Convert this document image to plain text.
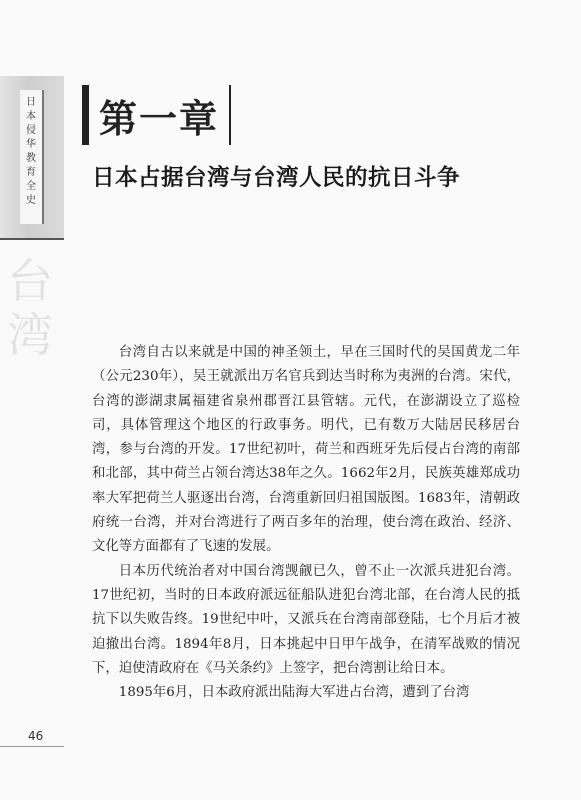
日本侵华教育全史
台湾
46
第一章
日本占据台湾与台湾人民的抗日斗争

台湾自古以来就是中国的神圣领土，早在三国时代的吴国黄龙二年（公元230年），吴王就派出万名官兵到达当时称为夷洲的台湾。宋代，台湾的澎湖隶属福建省泉州郡晋江县管辖。元代，在澎湖设立了巡检司，具体管理这个地区的行政事务。明代，已有数万大陆居民移居台湾，参与台湾的开发。17世纪初叶，荷兰和西班牙先后侵占台湾的南部和北部，其中荷兰占领台湾达38年之久。1662年2月，民族英雄郑成功率大军把荷兰人驱逐出台湾，台湾重新回归祖国版图。1683年，清朝政府统一台湾，并对台湾进行了两百多年的治理，使台湾在政治、经济、文化等方面都有了飞速的发展。

日本历代统治者对中国台湾觊觎已久，曾不止一次派兵进犯台湾。17世纪初，当时的日本政府派远征船队进犯台湾北部，在台湾人民的抵抗下以失败告终。19世纪中叶，又派兵在台湾南部登陆，七个月后才被迫撤出台湾。1894年8月，日本挑起中日甲午战争，在清军战败的情况下，迫使清政府在《马关条约》上签字，把台湾割让给日本。

1895年6月，日本政府派出陆海大军进占台湾，遭到了台湾
